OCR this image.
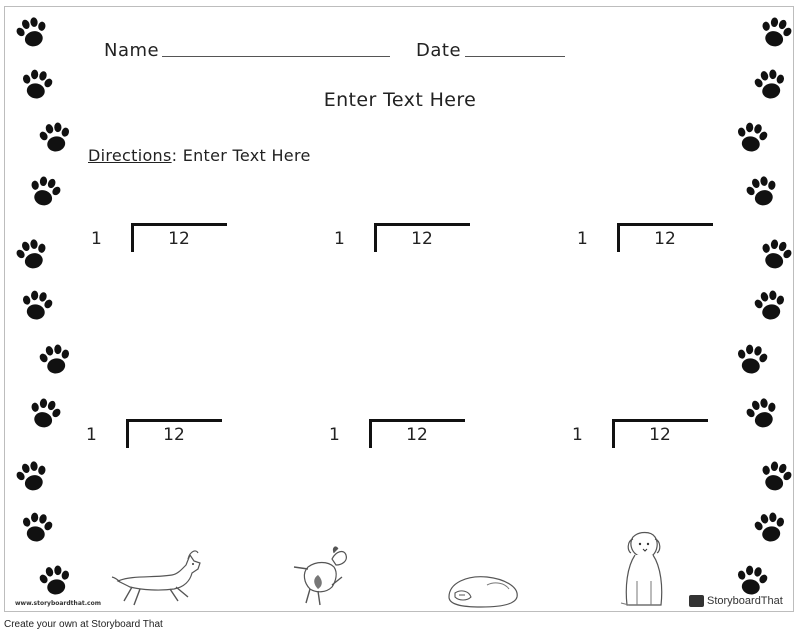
Name	Date
Enter Text Here
Directions: Enter Text Here
1	12	1	12	1	12
1	12	1	12	1	12
www.storyboardthat.com	StoryboardThat
Create your own at Storyboard That
